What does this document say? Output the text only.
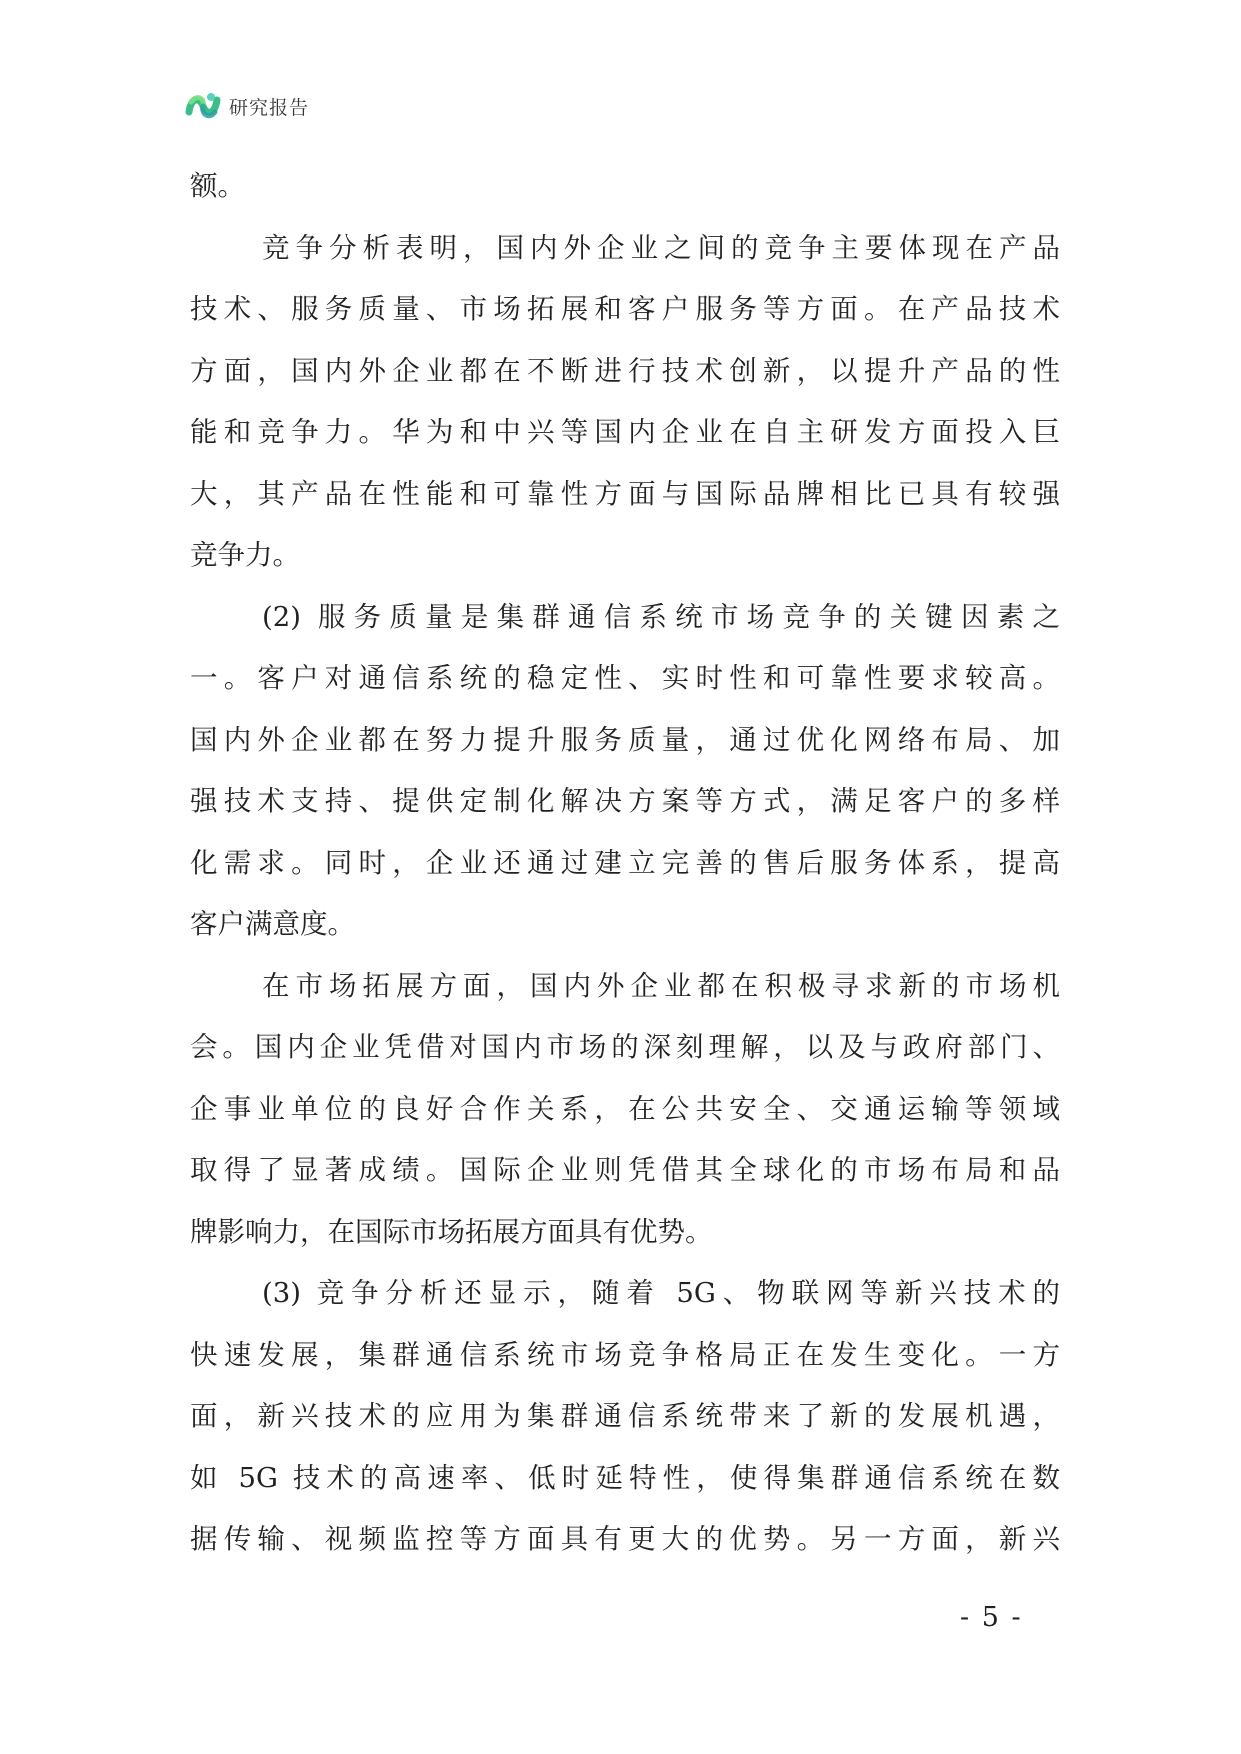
研究报告
额。
竞争分析表明，国内外企业之间的竞争主要体现在产品
技术、服务质量、市场拓展和客户服务等方面。在产品技术
方面，国内外企业都在不断进行技术创新，以提升产品的性
能和竞争力。华为和中兴等国内企业在自主研发方面投入巨
大，其产品在性能和可靠性方面与国际品牌相比已具有较强
竞争力。
(2) 服务质量是集群通信系统市场竞争的关键因素之
一。客户对通信系统的稳定性、实时性和可靠性要求较高。
国内外企业都在努力提升服务质量，通过优化网络布局、加
强技术支持、提供定制化解决方案等方式，满足客户的多样
化需求。同时，企业还通过建立完善的售后服务体系，提高
客户满意度。
在市场拓展方面，国内外企业都在积极寻求新的市场机
会。国内企业凭借对国内市场的深刻理解，以及与政府部门、
企事业单位的良好合作关系，在公共安全、交通运输等领域
取得了显著成绩。国际企业则凭借其全球化的市场布局和品
牌影响力，在国际市场拓展方面具有优势。
(3) 竞争分析还显示，随着 5G、物联网等新兴技术的
快速发展，集群通信系统市场竞争格局正在发生变化。一方
面，新兴技术的应用为集群通信系统带来了新的发展机遇，
如 5G 技术的高速率、低时延特性，使得集群通信系统在数
据传输、视频监控等方面具有更大的优势。另一方面，新兴
- 5 -
